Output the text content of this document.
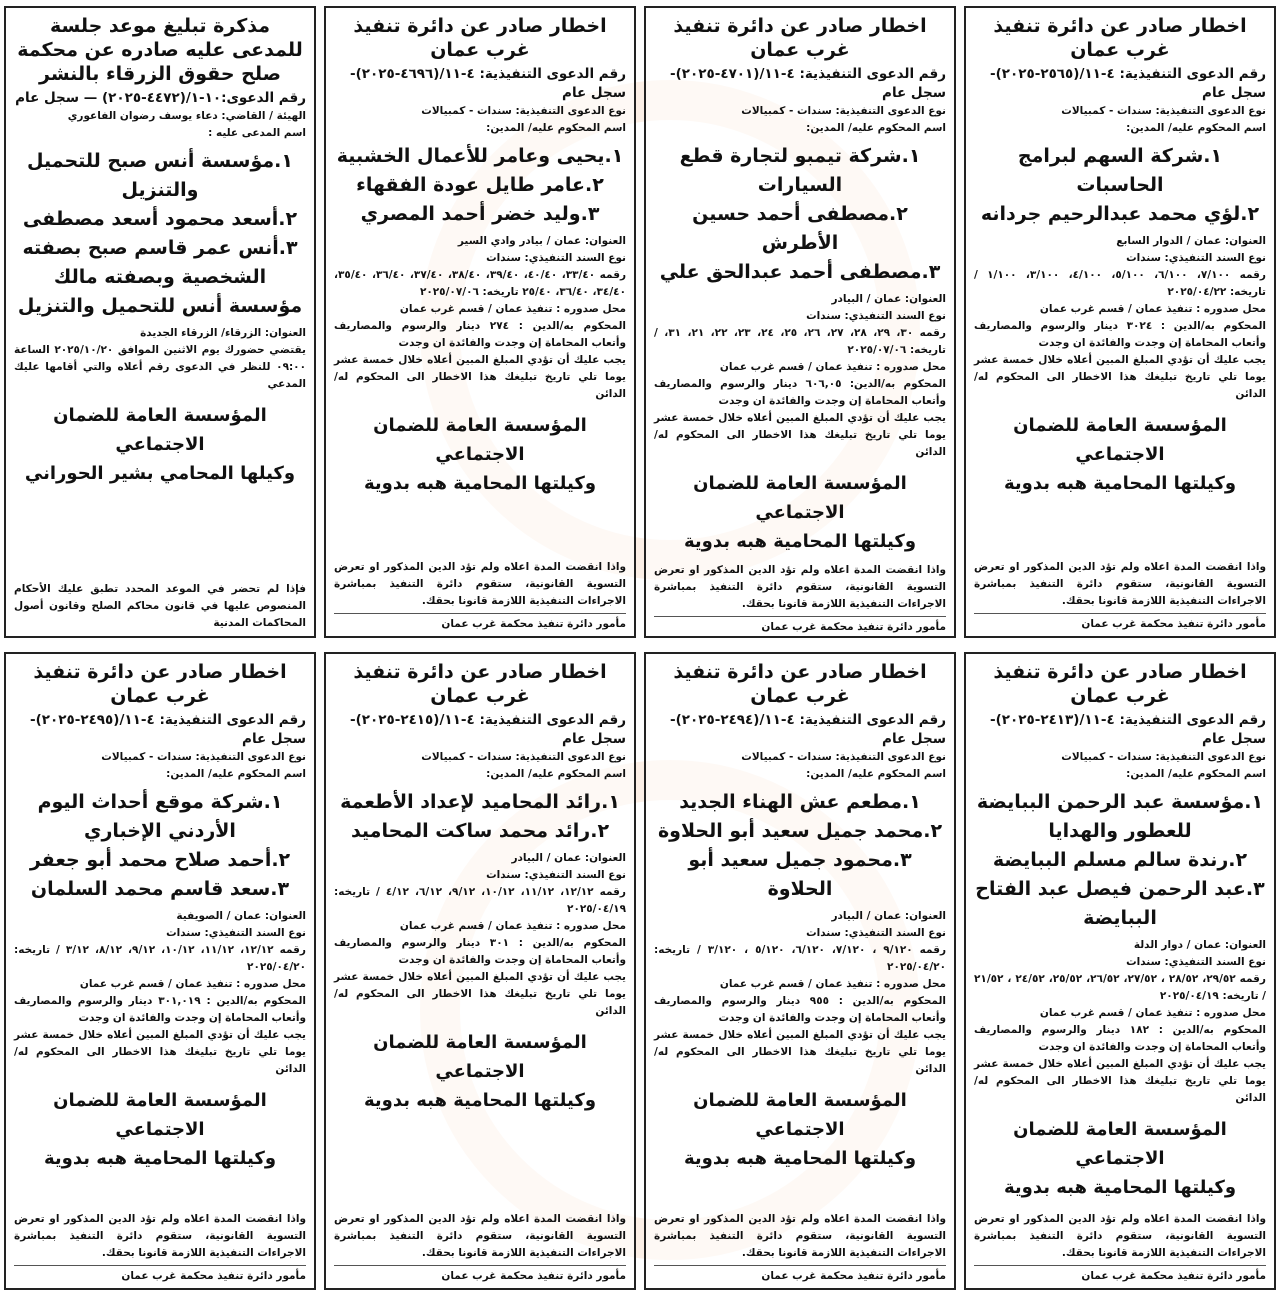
اخطار صادر عن دائرة تنفيذ غرب عمان
رقم الدعوى التنفيذية: ٤-١١/(٢٥٦٥-٢٠٢٥)- سجل عام
نوع الدعوى التنفيذية: سندات - كمبيالات
اسم المحكوم عليه/ المدين:
١.شركة السهم لبرامج الحاسبات
٢.لؤي محمد عبدالرحيم جردانه
العنوان: عمان / الدوار السابع
نوع السند التنفيذي: سندات
رقمه ٧/١٠٠، ٦/١٠٠، ٥/١٠٠، ٤/١٠٠، ٣/١٠٠، ١/١٠٠ / تاريخه: ٢٠٢٥/٠٤/٢٢
محل صدوره : تنفيذ عمان / قسم غرب عمان
المحكوم به/الدين : ٣٠٢٤ دينار والرسوم والمصاريف وأتعاب المحاماة إن وجدت والفائدة ان وجدت
يجب عليك أن تؤدي المبلغ المبين أعلاه خلال خمسة عشر يوما تلي تاريخ تبليغك هذا الاخطار الى المحكوم له/ الدائن
المؤسسة العامة للضمان الاجتماعي
وكيلتها المحامية هبه بدوية
واذا انقضت المدة اعلاه ولم تؤد الدين المذكور او تعرض التسوية القانونية، ستقوم دائرة التنفيذ بمباشرة الاجراءات التنفيذية اللازمة قانونا بحقك.
مأمور دائرة تنفيذ محكمة غرب عمان
اخطار صادر عن دائرة تنفيذ غرب عمان
رقم الدعوى التنفيذية: ٤-١١/(٤٧٠١-٢٠٢٥)- سجل عام
نوع الدعوى التنفيذية: سندات - كمبيالات
اسم المحكوم عليه/ المدين:
١.شركة تيمبو لتجارة قطع السيارات
٢.مصطفى أحمد حسين الأطرش
٣.مصطفى أحمد عبدالحق علي
العنوان: عمان / البيادر
نوع السند التنفيذي: سندات
رقمه ٣٠، ٢٩، ٢٨، ٢٧، ٢٦، ٢٥، ٢٤، ٢٣، ٢٢، ٢١، ٣١، / تاريخه: ٢٠٢٥/٠٧/٠٦
محل صدوره : تنفيذ عمان / قسم غرب عمان
المحكوم به/الدين: ٦٠٦,٠٥ دينار والرسوم والمصاريف وأتعاب المحاماة إن وجدت والفائدة ان وجدت
يجب عليك أن تؤدي المبلغ المبين أعلاه خلال خمسة عشر يوما تلي تاريخ تبليغك هذا الاخطار الى المحكوم له/ الدائن
المؤسسة العامة للضمان الاجتماعي
وكيلتها المحامية هبه بدوية
واذا انقضت المدة اعلاه ولم تؤد الدين المذكور او تعرض التسوية القانونية، ستقوم دائرة التنفيذ بمباشرة الاجراءات التنفيذية اللازمة قانونا بحقك.
مأمور دائرة تنفيذ محكمة غرب عمان
اخطار صادر عن دائرة تنفيذ غرب عمان
رقم الدعوى التنفيذية: ٤-١١/(٤٦٩٦-٢٠٢٥)- سجل عام
نوع الدعوى التنفيذية: سندات - كمبيالات
اسم المحكوم عليه/ المدين:
١.يحيى وعامر للأعمال الخشبية
٢.عامر طايل عودة الفقهاء
٣.وليد خضر أحمد المصري
العنوان: عمان / بيادر وادي السير
نوع السند التنفيذي: سندات
رقمه ٣٣/٤٠، ٤٠/٤٠، ٣٩/٤٠، ٣٨/٤٠، ٣٧/٤٠، ٣٦/٤٠، ٣٥/٤٠، ٣٤/٤٠، ٣٦/٤٠، ٢٥/٤٠ تاريخه: ٢٠٢٥/٠٧/٠٦
محل صدوره : تنفيذ عمان / قسم غرب عمان
المحكوم به/الدين : ٢٧٤ دينار والرسوم والمصاريف وأتعاب المحاماة إن وجدت والفائدة ان وجدت
يجب عليك أن تؤدي المبلغ المبين أعلاه خلال خمسة عشر يوما تلي تاريخ تبليغك هذا الاخطار الى المحكوم له/ الدائن
المؤسسة العامة للضمان الاجتماعي
وكيلتها المحامية هبه بدوية
واذا انقضت المدة اعلاه ولم تؤد الدين المذكور او تعرض التسوية القانونية، ستقوم دائرة التنفيذ بمباشرة الاجراءات التنفيذية اللازمة قانونا بحقك.
مأمور دائرة تنفيذ محكمة غرب عمان
مذكرة تبليغ موعد جلسة للمدعى عليه صادره عن محكمة صلح حقوق الزرقاء بالنشر
رقم الدعوى:١٠-١/(٤٤٧٢-٢٠٢٥) — سجل عام
الهيئة / القاضي: دعاء يوسف رضوان الفاعوري
اسم المدعى عليه :
١.مؤسسة أنس صبح للتحميل والتنزيل
٢.أسعد محمود أسعد مصطفى
٣.أنس عمر قاسم صبح بصفته الشخصية وبصفته مالك مؤسسة أنس للتحميل والتنزيل
العنوان: الزرقاء/ الزرقاء الجديدة
يقتضي حضورك يوم الاثنين الموافق ٢٠٢٥/١٠/٢٠ الساعة ٠٩:٠٠ للنظر في الدعوى رقم أعلاه والتي أقامها عليك المدعي
المؤسسة العامة للضمان الاجتماعي
وكيلها المحامي بشير الحوراني
فإذا لم تحضر في الموعد المحدد تطبق عليك الأحكام المنصوص عليها في قانون محاكم الصلح وقانون أصول المحاكمات المدنية
اخطار صادر عن دائرة تنفيذ غرب عمان
رقم الدعوى التنفيذية: ٤-١١/(٢٤١٣-٢٠٢٥)- سجل عام
نوع الدعوى التنفيذية: سندات - كمبيالات
اسم المحكوم عليه/ المدين:
١.مؤسسة عبد الرحمن الببايضة للعطور والهدايا
٢.رندة سالم مسلم الببايضة
٣.عبد الرحمن فيصل عبد الفتاح الببايضة
العنوان: عمان / دوار الدلة
نوع السند التنفيذي: سندات
رقمه ٢٩/٥٢، ٢٨/٥٢ ، ٢٧/٥٢، ٢٦/٥٢، ٢٥/٥٢، ٢٤/٥٢ ، ٢١/٥٢ / تاريخه: ٢٠٢٥/٠٤/١٩
محل صدوره : تنفيذ عمان / قسم غرب عمان
المحكوم به/الدين : ١٨٢ دينار والرسوم والمصاريف وأتعاب المحاماة إن وجدت والفائدة ان وجدت
يجب عليك أن تؤدي المبلغ المبين أعلاه خلال خمسة عشر يوما تلي تاريخ تبليغك هذا الاخطار الى المحكوم له/ الدائن
المؤسسة العامة للضمان الاجتماعي
وكيلتها المحامية هبه بدوية
واذا انقضت المدة اعلاه ولم تؤد الدين المذكور او تعرض التسوية القانونية، ستقوم دائرة التنفيذ بمباشرة الاجراءات التنفيذية اللازمة قانونا بحقك.
مأمور دائرة تنفيذ محكمة غرب عمان
اخطار صادر عن دائرة تنفيذ غرب عمان
رقم الدعوى التنفيذية: ٤-١١/(٢٤٩٤-٢٠٢٥)- سجل عام
نوع الدعوى التنفيذية: سندات - كمبيالات
اسم المحكوم عليه/ المدين:
١.مطعم عش الهناء الجديد
٢.محمد جميل سعيد أبو الحلاوة
٣.محمود جميل سعيد أبو الحلاوة
العنوان: عمان / البيادر
نوع السند التنفيذي: سندات
رقمه ٩/١٢٠ ، ٧/١٢٠، ٦/١٢٠، ٥/١٢٠ ، ٣/١٢٠ / تاريخه: ٢٠٢٥/٠٤/٢٠
محل صدوره : تنفيذ عمان / قسم غرب عمان
المحكوم به/الدين : ٩٥٥ دينار والرسوم والمصاريف وأتعاب المحاماة إن وجدت والفائدة ان وجدت
يجب عليك أن تؤدي المبلغ المبين أعلاه خلال خمسة عشر يوما تلي تاريخ تبليغك هذا الاخطار الى المحكوم له/ الدائن
المؤسسة العامة للضمان الاجتماعي
وكيلتها المحامية هبه بدوية
واذا انقضت المدة اعلاه ولم تؤد الدين المذكور او تعرض التسوية القانونية، ستقوم دائرة التنفيذ بمباشرة الاجراءات التنفيذية اللازمة قانونا بحقك.
مأمور دائرة تنفيذ محكمة غرب عمان
اخطار صادر عن دائرة تنفيذ غرب عمان
رقم الدعوى التنفيذية: ٤-١١/(٢٤١٥-٢٠٢٥)- سجل عام
نوع الدعوى التنفيذية: سندات - كمبيالات
اسم المحكوم عليه/ المدين:
١.رائد المحاميد لإعداد الأطعمة
٢.رائد محمد ساكت المحاميد
العنوان: عمان / البيادر
نوع السند التنفيذي: سندات
رقمه ١٢/١٢، ١١/١٢، ١٠/١٢، ٩/١٢، ٦/١٢، ٤/١٢ / تاريخه: ٢٠٢٥/٠٤/١٩
محل صدوره : تنفيذ عمان / قسم غرب عمان
المحكوم به/الدين : ٣٠١ دينار والرسوم والمصاريف وأتعاب المحاماة إن وجدت والفائدة ان وجدت
يجب عليك أن تؤدي المبلغ المبين أعلاه خلال خمسة عشر يوما تلي تاريخ تبليغك هذا الاخطار الى المحكوم له/ الدائن
المؤسسة العامة للضمان الاجتماعي
وكيلتها المحامية هبه بدوية
واذا انقضت المدة اعلاه ولم تؤد الدين المذكور او تعرض التسوية القانونية، ستقوم دائرة التنفيذ بمباشرة الاجراءات التنفيذية اللازمة قانونا بحقك.
مأمور دائرة تنفيذ محكمة غرب عمان
اخطار صادر عن دائرة تنفيذ غرب عمان
رقم الدعوى التنفيذية: ٤-١١/(٢٤٩٥-٢٠٢٥)- سجل عام
نوع الدعوى التنفيذية: سندات - كمبيالات
اسم المحكوم عليه/ المدين:
١.شركة موقع أحداث اليوم الأردني الإخباري
٢.أحمد صلاح محمد أبو جعفر
٣.سعد قاسم محمد السلمان
العنوان: عمان / الصويفية
نوع السند التنفيذي: سندات
رقمه ١٢/١٢، ١١/١٢، ١٠/١٢، ٩/١٢، ٨/١٢، ٣/١٢ / تاريخه: ٢٠٢٥/٠٤/٢٠
محل صدوره : تنفيذ عمان / قسم غرب عمان
المحكوم به/الدين : ٣٠١,٠١٩ دينار والرسوم والمصاريف وأتعاب المحاماة إن وجدت والفائدة ان وجدت
يجب عليك أن تؤدي المبلغ المبين أعلاه خلال خمسة عشر يوما تلي تاريخ تبليغك هذا الاخطار الى المحكوم له/ الدائن
المؤسسة العامة للضمان الاجتماعي
وكيلتها المحامية هبه بدوية
واذا انقضت المدة اعلاه ولم تؤد الدين المذكور او تعرض التسوية القانونية، ستقوم دائرة التنفيذ بمباشرة الاجراءات التنفيذية اللازمة قانونا بحقك.
مأمور دائرة تنفيذ محكمة غرب عمان
